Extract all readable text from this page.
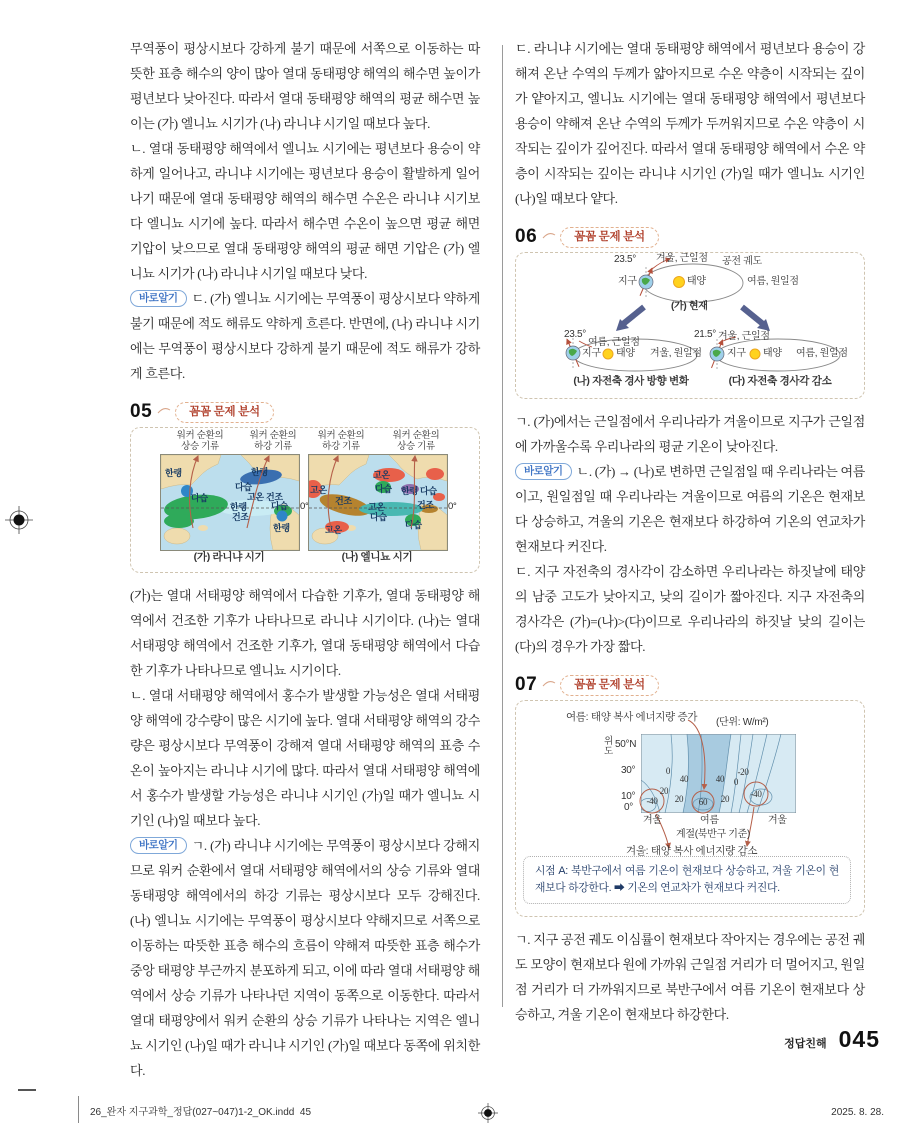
무역풍이 평상시보다 강하게 불기 때문에 서쪽으로 이동하는 따뜻한 표층 해수의 양이 많아 열대 동태평양 해역의 해수면 높이가 평년보다 낮아진다. 따라서 열대 동태평양 해역의 평균 해수면 높이는 (가) 엘니뇨 시기가 (나) 라니냐 시기일 때보다 높다.

ㄴ. 열대 동태평양 해역에서 엘니뇨 시기에는 평년보다 용승이 약하게 일어나고, 라니냐 시기에는 평년보다 용승이 활발하게 일어나기 때문에 열대 동태평양 해역의 해수면 수온은 라니냐 시기보다 엘니뇨 시기에 높다. 따라서 해수면 수온이 높으면 평균 해면 기압이 낮으므로 열대 동태평양 해역의 평균 해면 기압은 (가) 엘니뇨 시기가 (나) 라니냐 시기일 때보다 낮다.

바로알기 ㄷ. (가) 엘니뇨 시기에는 무역풍이 평상시보다 약하게 불기 때문에 적도 해류도 약하게 흐른다. 반면에, (나) 라니냐 시기에는 무역풍이 평상시보다 강하게 불기 때문에 적도 해류가 강하게 흐른다.

05	꼼꼼 문제 분석
워커 순환의
상승 기류
워커 순환의
하강 기류
워커 순환의
하강 기류
워커 순환의
상승 기류
한랭
다습
한랭
다습
고온 건조
다습
한랭
건조
한랭
0°
고온
건조
고온
다습 한랭 다습
고온
다습
건조
고온	다습
0°
(가) 라니냐 시기	(나) 엘니뇨 시기

(가)는 열대 서태평양 해역에서 다습한 기후가, 열대 동태평양 해역에서 건조한 기후가 나타나므로 라니냐 시기이다. (나)는 열대 서태평양 해역에서 건조한 기후가, 열대 동태평양 해역에서 다습한 기후가 나타나므로 엘니뇨 시기이다.

ㄴ. 열대 서태평양 해역에서 홍수가 발생할 가능성은 열대 서태평양 해역에 강수량이 많은 시기에 높다. 열대 서태평양 해역의 강수량은 평상시보다 무역풍이 강해져 열대 서태평양 해역의 표층 수온이 높아지는 라니냐 시기에 많다. 따라서 열대 서태평양 해역에서 홍수가 발생할 가능성은 라니냐 시기인 (가)일 때가 엘니뇨 시기인 (나)일 때보다 높다.

바로알기 ㄱ. (가) 라니냐 시기에는 무역풍이 평상시보다 강해지므로 워커 순환에서 열대 서태평양 해역에서의 상승 기류와 열대 동태평양 해역에서의 하강 기류는 평상시보다 모두 강해진다. (나) 엘니뇨 시기에는 무역풍이 평상시보다 약해지므로 서쪽으로 이동하는 따뜻한 표층 해수의 흐름이 약해져 따뜻한 표층 해수가 중앙 태평양 부근까지 분포하게 되고, 이에 따라 열대 서태평양 해역에서 상승 기류가 나타나던 지역이 동쪽으로 이동한다. 따라서 열대 태평양에서 워커 순환의 상승 기류가 나타나는 지역은 엘니뇨 시기인 (나)일 때가 라니냐 시기인 (가)일 때보다 동쪽에 위치한다.

ㄷ. 라니냐 시기에는 열대 동태평양 해역에서 평년보다 용승이 강해져 온난 수역의 두께가 얇아지므로 수온 약층이 시작되는 깊이가 얕아지고, 엘니뇨 시기에는 열대 동태평양 해역에서 평년보다 용승이 약해져 온난 수역의 두께가 두꺼워지므로 수온 약층이 시작되는 깊이가 깊어진다. 따라서 열대 동태평양 해역에서 수온 약층이 시작되는 깊이는 라니냐 시기인 (가)일 때가 엘니뇨 시기인 (나)일 때보다 얕다.

06	꼼꼼 문제 분석
23.5° 겨울, 근일점 공전 궤도
지구	태양	여름, 원일점
(가) 현재
23.5°
여름, 근일점
지구 태양 겨울, 원일점
(나) 자전축 경사 방향 변화
21.5° 겨울, 근일점
지구 태양 여름, 원일점
(다) 자전축 경사각 감소

ㄱ. (가)에서는 근일점에서 우리나라가 겨울이므로 지구가 근일점에 가까울수록 우리나라의 평균 기온이 낮아진다.

바로알기 ㄴ. (가) → (나)로 변하면 근일점일 때 우리나라는 여름이고, 원일점일 때 우리나라는 겨울이므로 여름의 기온은 현재보다 상승하고, 겨울의 기온은 현재보다 하강하여 기온의 연교차가 현재보다 커진다.

ㄷ. 지구 자전축의 경사각이 감소하면 우리나라는 하짓날에 태양의 남중 고도가 낮아지고, 낮의 길이가 짧아진다. 지구 자전축의 경사각은 (가)=(나)>(다)이므로 우리나라의 하짓날 낮의 길이는 (다)의 경우가 가장 짧다.

07	꼼꼼 문제 분석
여름: 태양 복사 에너지량 증가 (단위: W/m²)
위도
50°N
30°
10°
0°
겨울	여름	겨울
계절(북반구 기준)
겨울: 태양 복사 에너지량 감소
0
40	40
-20
20
20 60 20
-40
-40
0
시점 A: 북반구에서 여름 기온이 현재보다 상승하고, 겨울 기온이 현재보다 하강한다. ➡ 기온의 연교차가 현재보다 커진다.

ㄱ. 지구 공전 궤도 이심률이 현재보다 작아지는 경우에는 공전 궤도 모양이 현재보다 원에 가까워 근일점 거리가 더 멀어지고, 원일점 거리가 더 가까워지므로 북반구에서 여름 기온이 현재보다 상승하고, 겨울 기온이 현재보다 하강한다.

정답친해 045
26_완자 지구과학_정답(027~047)1-2_OK.indd  45	2025. 8. 28.
